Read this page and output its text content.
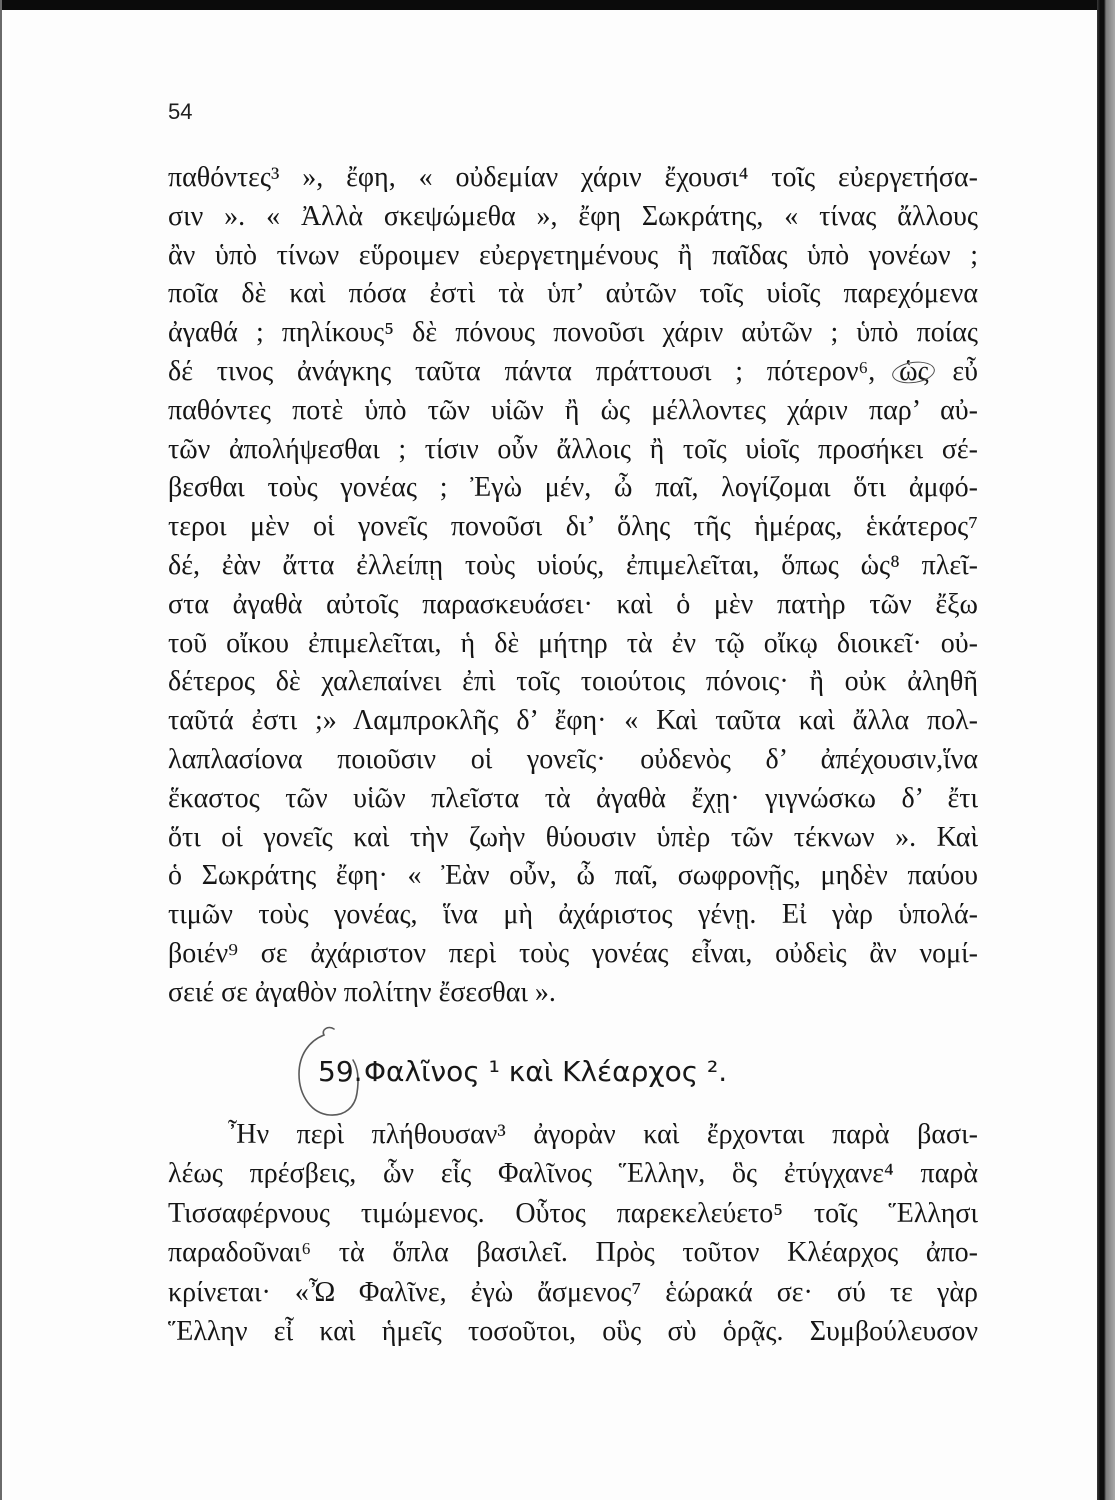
54
παθόντες³ », ἔφη, « οὐδεμίαν χάριν ἔχουσι⁴ τοῖς εὐεργετήσα-
σιν ». « Ἀλλὰ σκεψώμεθα », ἔφη Σωκράτης, « τίνας ἄλλους
ἂν ὑπὸ τίνων εὕροιμεν εὐεργετημένους ἢ παῖδας ὑπὸ γονέων ;
ποῖα δὲ καὶ πόσα ἐστὶ τὰ ὑπ’ αὐτῶν τοῖς υἱοῖς παρεχόμενα
ἀγαθά ; πηλίκους⁵ δὲ πόνους πονοῦσι χάριν αὐτῶν ; ὑπὸ ποίας
δέ τινος ἀνάγκης ταῦτα πάντα πράττουσι ; πότερον⁶, ὡς
εὖ
παθόντες ποτὲ ὑπὸ τῶν υἱῶν ἢ ὡς μέλλοντες χάριν παρ’ αὐ-
τῶν ἀπολήψεσθαι ; τίσιν οὖν ἄλλοις ἢ τοῖς υἱοῖς προσήκει σέ-
βεσθαι τοὺς γονέας ; Ἐγὼ μέν, ὦ παῖ, λογίζομαι ὅτι ἀμφό-
τεροι μὲν οἱ γονεῖς πονοῦσι δι’ ὅλης τῆς ἡμέρας, ἑκάτερος⁷
δέ, ἐὰν ἄττα ἐλλείπῃ τοὺς υἱούς, ἐπιμελεῖται, ὅπως ὡς⁸ πλεῖ-
στα ἀγαθὰ αὐτοῖς παρασκευάσει· καὶ ὁ μὲν πατὴρ τῶν ἔξω
τοῦ οἴκου ἐπιμελεῖται, ἡ δὲ μήτηρ τὰ ἐν τῷ οἴκῳ διοικεῖ· οὐ-
δέτερος δὲ χαλεπαίνει ἐπὶ τοῖς τοιούτοις πόνοις· ἢ οὐκ ἀληθῆ
ταῦτά ἐστι ;» Λαμπροκλῆς δ’ ἔφη· « Καὶ ταῦτα καὶ ἄλλα πολ-
λαπλασίονα ποιοῦσιν οἱ γονεῖς· οὐδενὸς δ’ ἀπέχουσιν,ἵνα
ἕκαστος τῶν υἱῶν πλεῖστα τὰ ἀγαθὰ ἔχῃ· γιγνώσκω δ’ ἔτι
ὅτι οἱ γονεῖς καὶ τὴν ζωὴν θύουσιν ὑπὲρ τῶν τέκνων ». Καὶ
ὁ Σωκράτης ἔφη· « Ἐὰν οὖν, ὦ παῖ, σωφρονῇς, μηδὲν παύου
τιμῶν τοὺς γονέας, ἵνα μὴ ἀχάριστος γένῃ. Εἰ γὰρ ὑπολά-
βοιέν⁹ σε ἀχάριστον περὶ τοὺς γονέας εἶναι, οὐδεὶς ἂν νομί-
σειέ σε ἀγαθὸν πολίτην ἔσεσθαι ».
59. Φαλῖνος ¹ καὶ Κλέαρχος ².
Ἦν περὶ πλήθουσαν³ ἀγορὰν καὶ ἔρχονται παρὰ βασι-
λέως πρέσβεις, ὧν εἷς Φαλῖνος Ἕλλην, ὃς ἐτύγχανε⁴ παρὰ
Τισσαφέρνους τιμώμενος. Οὗτος παρεκελεύετο⁵ τοῖς Ἕλλησι
παραδοῦναι⁶ τὰ ὅπλα βασιλεῖ. Πρὸς τοῦτον Κλέαρχος ἀπο-
κρίνεται· «Ὦ Φαλῖνε, ἐγὼ ἄσμενος⁷ ἑώρακά σε· σύ τε γὰρ
Ἕλλην εἶ καὶ ἡμεῖς τοσοῦτοι, οὓς σὺ ὁρᾷς. Συμβούλευσον
